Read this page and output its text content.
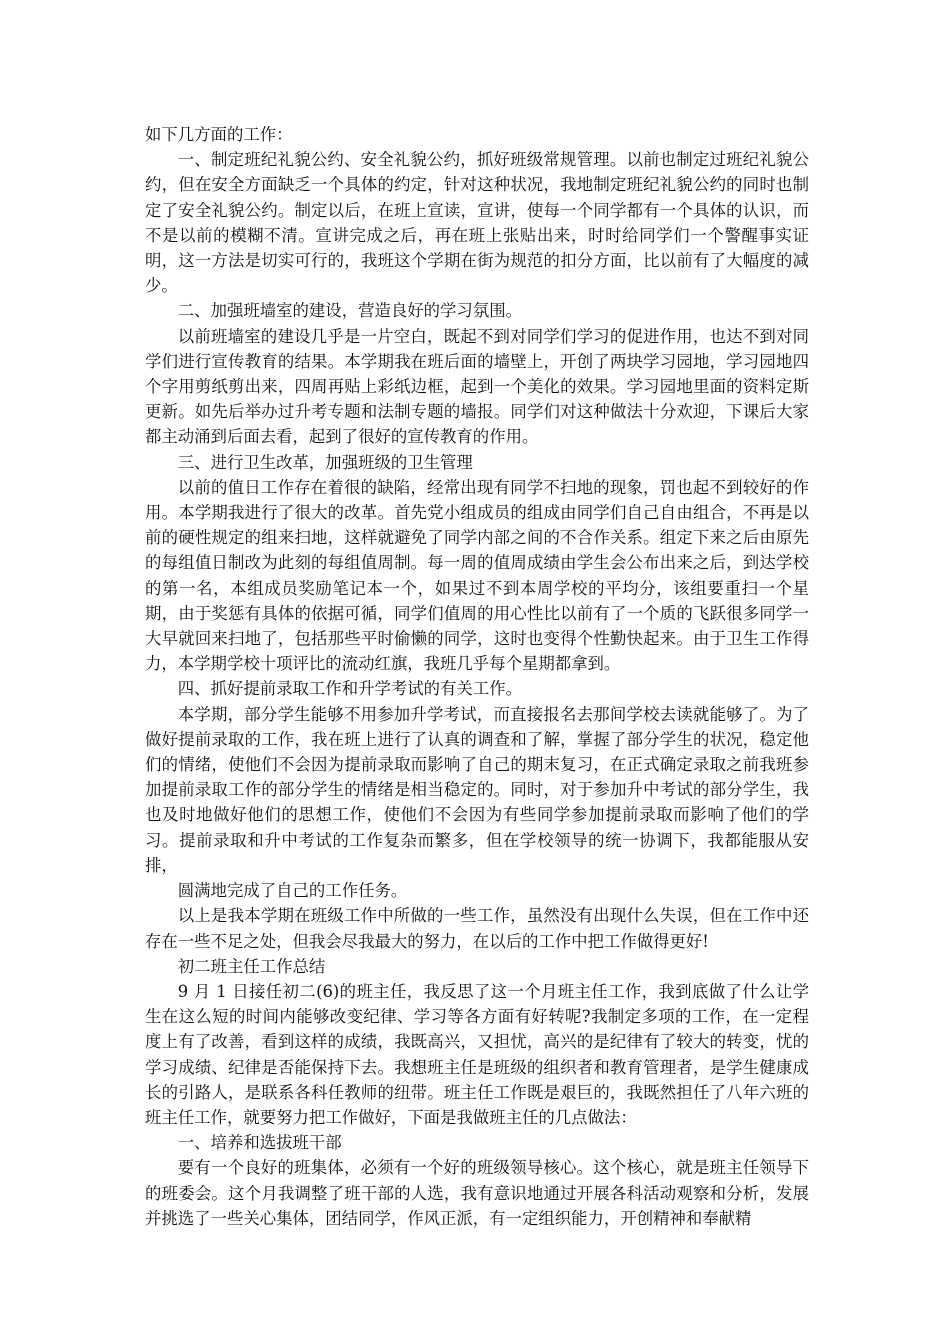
如下几方面的工作：

一、制定班纪礼貌公约、安全礼貌公约，抓好班级常规管理。以前也制定过班纪礼貌公约，但在安全方面缺乏一个具体的约定，针对这种状况，我地制定班纪礼貌公约的同时也制定了安全礼貌公约。制定以后，在班上宣读，宣讲，使每一个同学都有一个具体的认识，而不是以前的模糊不清。宣讲完成之后，再在班上张贴出来，时时给同学们一个警醒事实证明，这一方法是切实可行的，我班这个学期在街为规范的扣分方面，比以前有了大幅度的减少。

二、加强班墙室的建设，营造良好的学习氛围。

以前班墙室的建设几乎是一片空白，既起不到对同学们学习的促进作用，也达不到对同学们进行宣传教育的结果。本学期我在班后面的墙壁上，开创了两块学习园地，学习园地四个字用剪纸剪出来，四周再贴上彩纸边框，起到一个美化的效果。学习园地里面的资料定斯更新。如先后举办过升考专题和法制专题的墙报。同学们对这种做法十分欢迎，下课后大家都主动涌到后面去看，起到了很好的宣传教育的作用。

三、进行卫生改革，加强班级的卫生管理

以前的值日工作存在着很的缺陷，经常出现有同学不扫地的现象，罚也起不到较好的作用。本学期我进行了很大的改革。首先党小组成员的组成由同学们自己自由组合，不再是以前的硬性规定的组来扫地，这样就避免了同学内部之间的不合作关系。组定下来之后由原先的每组值日制改为此刻的每组值周制。每一周的值周成绩由学生会公布出来之后，到达学校的第一名，本组成员奖励笔记本一个，如果过不到本周学校的平均分，该组要重扫一个星期，由于奖惩有具体的依据可循，同学们值周的用心性比以前有了一个质的飞跃很多同学一大早就回来扫地了，包括那些平时偷懒的同学，这时也变得个性勤快起来。由于卫生工作得力，本学期学校十项评比的流动红旗，我班几乎每个星期都拿到。

四、抓好提前录取工作和升学考试的有关工作。

本学期，部分学生能够不用参加升学考试，而直接报名去那间学校去读就能够了。为了做好提前录取的工作，我在班上进行了认真的调查和了解，掌握了部分学生的状况，稳定他们的情绪，使他们不会因为提前录取而影响了自己的期末复习，在正式确定录取之前我班参加提前录取工作的部分学生的情绪是相当稳定的。同时，对于参加升中考试的部分学生，我也及时地做好他们的思想工作，使他们不会因为有些同学参加提前录取而影响了他们的学习。提前录取和升中考试的工作复杂而繁多，但在学校领导的统一协调下，我都能服从安排，

圆满地完成了自己的工作任务。

以上是我本学期在班级工作中所做的一些工作，虽然没有出现什么失误，但在工作中还存在一些不足之处，但我会尽我最大的努力，在以后的工作中把工作做得更好!

初二班主任工作总结

9 月 1 日接任初二(6)的班主任，我反思了这一个月班主任工作，我到底做了什么让学生在这么短的时间内能够改变纪律、学习等各方面有好转呢?我制定多项的工作，在一定程度上有了改善，看到这样的成绩，我既高兴，又担忧，高兴的是纪律有了较大的转变，忧的学习成绩、纪律是否能保持下去。我想班主任是班级的组织者和教育管理者，是学生健康成长的引路人，是联系各科任教师的纽带。班主任工作既是艰巨的，我既然担任了八年六班的班主任工作，就要努力把工作做好，下面是我做班主任的几点做法：

一、培养和选拔班干部

要有一个良好的班集体，必须有一个好的班级领导核心。这个核心，就是班主任领导下的班委会。这个月我调整了班干部的人选，我有意识地通过开展各科活动观察和分析，发展并挑选了一些关心集体，团结同学，作风正派，有一定组织能力，开创精神和奉献精
